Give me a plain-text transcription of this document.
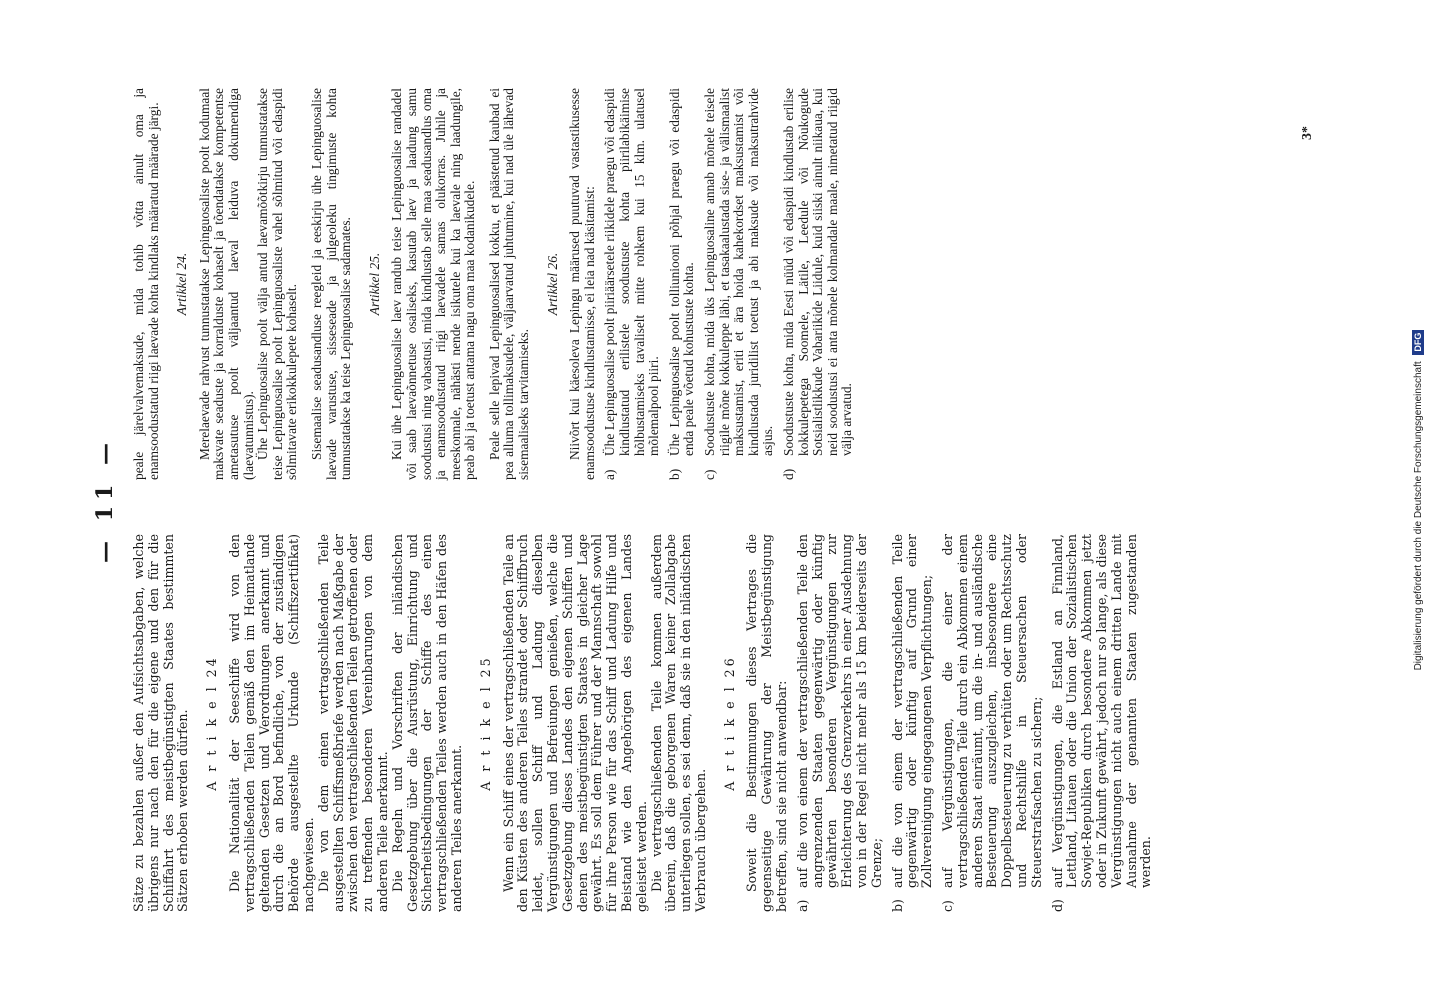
— 11 —

Sätze zu bezahlen außer den Aufsichtsabgaben, welche übrigens nur nach den für die eigene und den für die Schiffahrt des meistbegünstigten Staates bestimmten Sätzen erhoben werden dürfen. A r t i k e l 24 Die Nationalität der Seeschiffe wird von den vertragschließenden Teilen gemäß den im Heimatlande geltenden Gesetzen und Verordnungen anerkannt und durch die an Bord befindliche, von der zuständigen Behörde ausgestellte Urkunde (Schiffszertifikat) nachgewiesen. Die von dem einen vertragschließenden Teile ausgestellten Schiffsmeßbriefe werden nach Maßgabe der zwischen den vertragschließenden Teilen getroffenen oder zu treffenden besonderen Vereinbarungen von dem anderen Teile anerkannt. Die Regeln und Vorschriften der inländischen Gesetzgebung über die Ausrüstung, Einrichtung und Sicherheitsbedingungen der Schiffe des einen vertragschließenden Teiles werden auch in den Häfen des anderen Teiles anerkannt.

A r t i k e l 25 Wenn ein Schiff eines der vertragschließenden Teile an den Küsten des anderen Teiles strandet oder Schiffbruch leidet, sollen Schiff und Ladung dieselben Vergünstigungen und Befreiungen genießen, welche die Gesetzgebung dieses Landes den eigenen Schiffen und denen des meistbegünstigten Staates in gleicher Lage gewährt. Es soll dem Führer und der Mannschaft sowohl für ihre Person wie für das Schiff und Ladung Hilfe und Beistand wie den Angehörigen des eigenen Landes geleistet werden. Die vertragschließenden Teile kommen außerdem überein, daß die geborgenen Waren keiner Zollabgabe unterliegen sollen, es sei denn, daß sie in den inländischen Verbrauch übergehen.

A r t i k e l 26 Soweit die Bestimmungen dieses Vertrages die gegenseitige Gewährung der Meistbegünstigung betreffen, sind sie nicht anwendbar: a)
auf die von einem der vertragschließenden Teile den angrenzenden Staaten gegenwärtig oder künftig gewährten besonderen Vergünstigungen zur Erleichterung des Grenzverkehrs in einer Ausdehnung von in der Regel nicht mehr als 15 km beiderseits der Grenze;
b)
auf die von einem der vertragschließenden Teile gegenwärtig oder künftig auf Grund einer Zollvereinigung eingegangenen Verpflichtungen;
c)
auf Vergünstigungen, die einer der vertragschließenden Teile durch ein Abkommen einem anderen Staat einräumt, um die in- und ausländische Besteuerung auszugleichen, insbesondere eine Doppelbesteuerung zu verhüten oder um Rechtsschutz und Rechtshilfe in Steuersachen oder Steuerstrafsachen zu sichern;
d)
auf Vergünstigungen, die Estland an Finnland, Lettland, Litauen oder die Union der Sozialistischen Sowjet-Republiken durch besondere Abkommen jetzt oder in Zukunft gewährt, jedoch nur so lange, als diese Vergünstigungen nicht auch einem dritten Lande mit Ausnahme der genannten Staaten zugestanden werden.

peale järelvalvemaksude, mida tohib võtta ainult oma ja enamsoodustatud riigi laevade kohta kindlaks määratud määrade järgi. Artikkel 24. Merelaevade rahvust tunnustatakse Lepinguosaliste poolt kodumaal maksvate seaduste ja korralduste kohaselt ja tõendatakse kompetentse ametasutuse poolt väljaantud laeval leiduva dokumendiga (laevatunnistus). Ühe Lepinguosalise poolt välja antud laevamõõtkirju tunnustatakse teise Lepinguosalise poolt Lepinguosaliste vahel sõlmitud või edaspidi sõlmitavate erikokkulepete kohaselt. Sisemaalise seadusandluse reegleid ja eeskirju ühe Lepinguosalise laevade varustuse, sisseseade ja julgeoleku tingimuste kohta tunnustatakse ka teise Lepinguosalise sadamates. Artikkel 25. Kui ühe Lepinguosalise laev randub teise Lepinguosalise randadel või saab laevaõnnetuse osaliseks, kasutab laev ja laadung samu soodustusi ning vabastusi, mida kindlustab selle maa seadusandlus oma ja enamsoodustatud riigi laevadele samas olukorras. Juhile ja meeskonnale, nähästi nende isikutele kui ka laevale ning laadungile, peab abi ja toetust antama nagu oma maa kodanikudele. Peale selle lepivad Lepinguosalised kokku, et päästetud kaubad ei pea alluma tollimaksudele, väljaarvatud juhtumine, kui nad üle lähevad sisemaaliseks tarvitamiseks.

Artikkel 26. Niivõrt kui käesoleva Lepingu määrused puutuvad vastastikusesse enamsoodustuse kindlustamisse, ei leia nad käsitamist: a)
Ühe Lepinguosalise poolt piiriäärsetele riikidele praegu või edaspidi kindlustatud erilistele soodustuste kohta piirilabikäimise hõlbustamiseks tavaliselt mitte rohkem kui 15 klm. ulatusel mõlemalpool piiri.
b)
Ühe Lepinguosalise poolt tolliuniooni põhjal praegu või edaspidi enda peale võetud kohustuste kohta.
c)
Soodustuste kohta, mida üks Lepinguosaline annab mõnele teisele riigile mõne kokkuleppe läbi, et tasakaalustada sise- ja välismaalist maksustamist, eriti et ära hoida kahekordset maksustamist või kindlustada juridilist toetust ja abi maksude või maksutrahvide asjus.
d)
Soodustuste kohta, mida Eesti nüüd või edaspidi kindlustab erilise kokkulepetega Soomele, Lätile, Leedule või Nõukogude Sotsialistlikkude Vabariikide Liidule, kuid siiski ainult niikaua, kui neid soodustusi ei anta mõnele kolmandale maale, nimetatud riigid välja arvatud.
3*
Digitalisierung gefördert durch die Deutsche Forschungsgemeinschaft DFG
